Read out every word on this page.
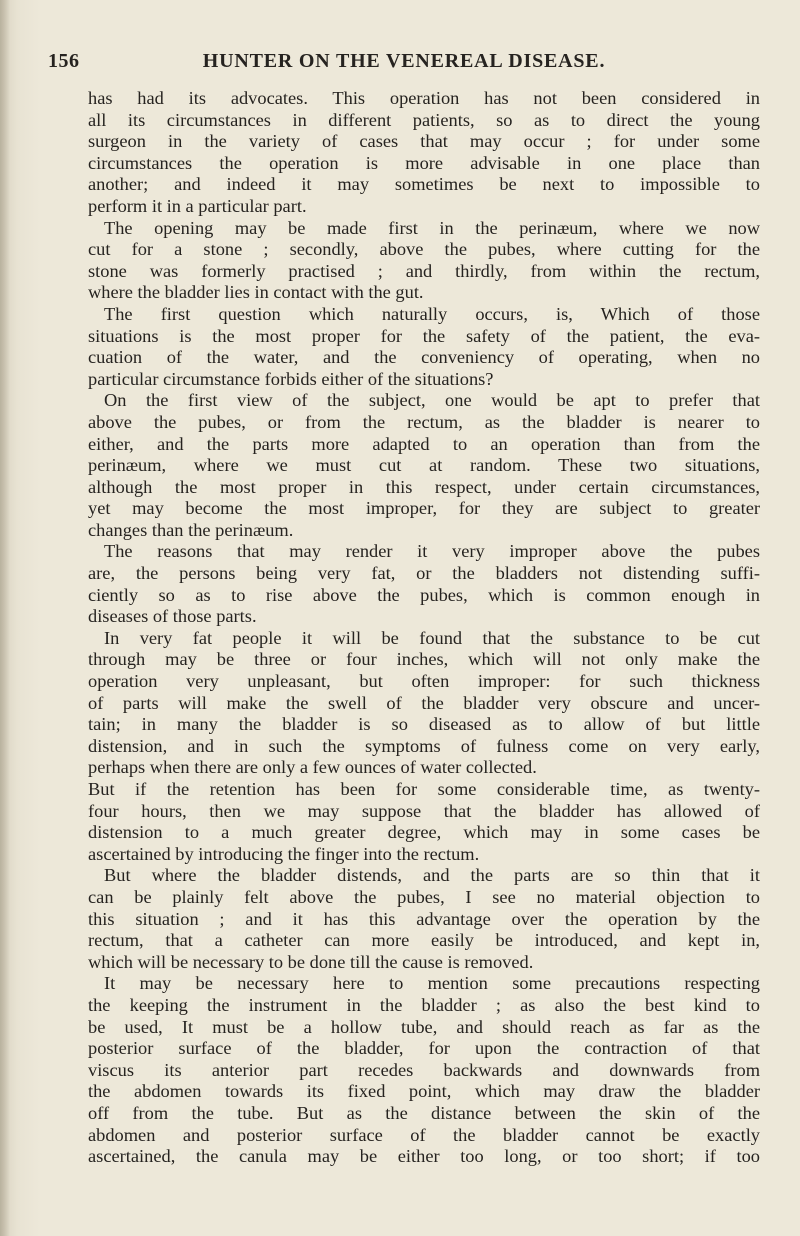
156	HUNTER ON THE VENEREAL DISEASE.
has had its advocates. This operation has not been considered in
all its circumstances in different patients, so as to direct the young
surgeon in the variety of cases that may occur ; for under some
circumstances the operation is more advisable in one place than
another; and indeed it may sometimes be next to impossible to
perform it in a particular part.
The opening may be made first in the perinæum, where we now
cut for a stone ; secondly, above the pubes, where cutting for the
stone was formerly practised ; and thirdly, from within the rectum,
where the bladder lies in contact with the gut.
The first question which naturally occurs, is, Which of those
situations is the most proper for the safety of the patient, the eva-
cuation of the water, and the conveniency of operating, when no
particular circumstance forbids either of the situations?
On the first view of the subject, one would be apt to prefer that
above the pubes, or from the rectum, as the bladder is nearer to
either, and the parts more adapted to an operation than from the
perinæum, where we must cut at random. These two situations,
although the most proper in this respect, under certain circumstances,
yet may become the most improper, for they are subject to greater
changes than the perinæum.
The reasons that may render it very improper above the pubes
are, the persons being very fat, or the bladders not distending suffi-
ciently so as to rise above the pubes, which is common enough in
diseases of those parts.
In very fat people it will be found that the substance to be cut
through may be three or four inches, which will not only make the
operation very unpleasant, but often improper: for such thickness
of parts will make the swell of the bladder very obscure and uncer-
tain; in many the bladder is so diseased as to allow of but little
distension, and in such the symptoms of fulness come on very early,
perhaps when there are only a few ounces of water collected.
But if the retention has been for some considerable time, as twenty-
four hours, then we may suppose that the bladder has allowed of
distension to a much greater degree, which may in some cases be
ascertained by introducing the finger into the rectum.
But where the bladder distends, and the parts are so thin that it
can be plainly felt above the pubes, I see no material objection to
this situation ; and it has this advantage over the operation by the
rectum, that a catheter can more easily be introduced, and kept in,
which will be necessary to be done till the cause is removed.
It may be necessary here to mention some precautions respecting
the keeping the instrument in the bladder ; as also the best kind to
be used, It must be a hollow tube, and should reach as far as the
posterior surface of the bladder, for upon the contraction of that
viscus its anterior part recedes backwards and downwards from
the abdomen towards its fixed point, which may draw the bladder
off from the tube. But as the distance between the skin of the
abdomen and posterior surface of the bladder cannot be exactly
ascertained, the canula may be either too long, or too short; if too
